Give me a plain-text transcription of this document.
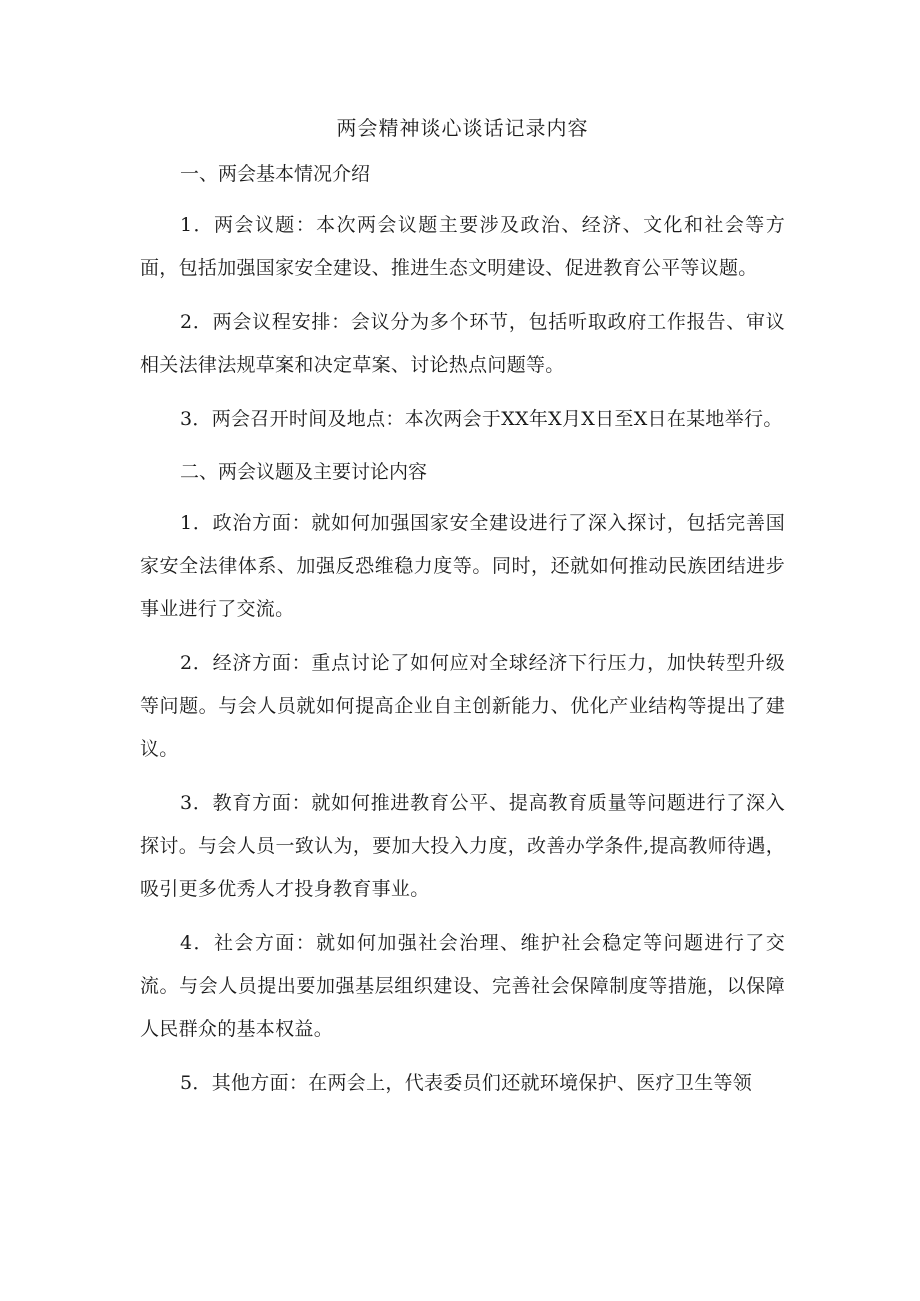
两会精神谈心谈话记录内容
一、两会基本情况介绍

1．两会议题：本次两会议题主要涉及政治、经济、文化和社会等方面，包括加强国家安全建设、推进生态文明建设、促进教育公平等议题。

2．两会议程安排：会议分为多个环节，包括听取政府工作报告、审议相关法律法规草案和决定草案、讨论热点问题等。

3．两会召开时间及地点：本次两会于XX年X月X日至X日在某地举行。

二、两会议题及主要讨论内容

1．政治方面：就如何加强国家安全建设进行了深入探讨，包括完善国家安全法律体系、加强反恐维稳力度等。同时，还就如何推动民族团结进步事业进行了交流。

2．经济方面：重点讨论了如何应对全球经济下行压力，加快转型升级等问题。与会人员就如何提高企业自主创新能力、优化产业结构等提出了建议。

3．教育方面：就如何推进教育公平、提高教育质量等问题进行了深入探讨。与会人员一致认为，要加大投入力度，改善办学条件,提高教师待遇，吸引更多优秀人才投身教育事业。

4．社会方面：就如何加强社会治理、维护社会稳定等问题进行了交流。与会人员提出要加强基层组织建设、完善社会保障制度等措施，以保障人民群众的基本权益。

5．其他方面：在两会上，代表委员们还就环境保护、医疗卫生等领
